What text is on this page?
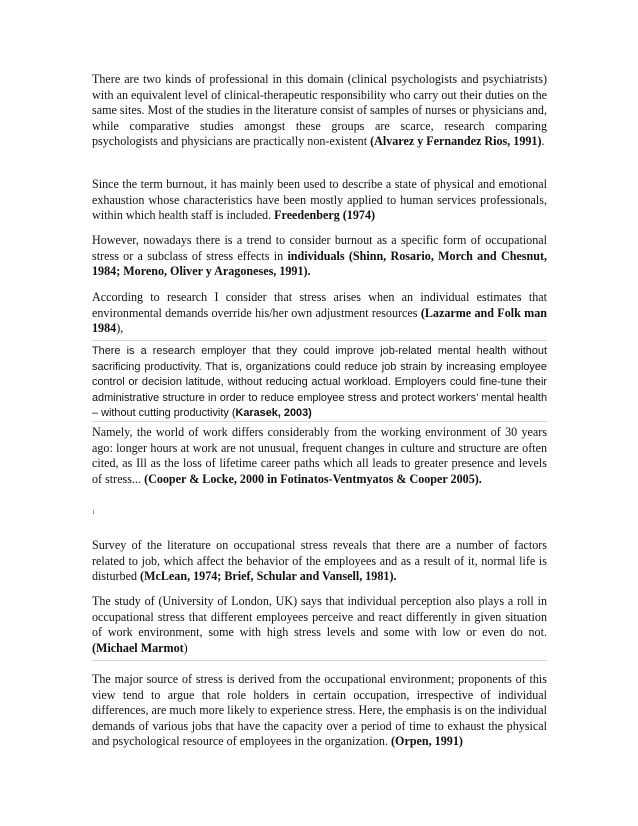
There are two kinds of professional in this domain (clinical psychologists and psychiatrists) with an equivalent level of clinical-therapeutic responsibility who carry out their duties on the same sites. Most of the studies in the literature consist of samples of nurses or physicians and, while comparative studies amongst these groups are scarce, research comparing psychologists and physicians are practically non-existent (Alvarez y Fernandez Rios, 1991).

Since the term burnout, it has mainly been used to describe a state of physical and emotional exhaustion whose characteristics have been mostly applied to human services professionals, within which health staff is included. Freedenberg (1974)

However, nowadays there is a trend to consider burnout as a specific form of occupational stress or a subclass of stress effects in individuals (Shinn, Rosario, Morch and Chesnut, 1984; Moreno, Oliver y Aragoneses, 1991).

According to research I consider that stress arises when an individual estimates that environmental demands override his/her own adjustment resources (Lazarme and Folk man 1984),

There is a research employer that they could improve job-related mental health without sacrificing productivity. That is, organizations could reduce job strain by increasing employee control or decision latitude, without reducing actual workload. Employers could fine-tune their administrative structure in order to reduce employee stress and protect workers’ mental health – without cutting productivity (Karasek, 2003)

Namely, the world of work differs considerably from the working environment of 30 years ago: longer hours at work are not unusual, frequent changes in culture and structure are often cited, as Ill as the loss of lifetime career paths which all leads to greater presence and levels of stress... (Cooper & Locke, 2000 in Fotinatos-Ventmyatos & Cooper 2005).

1

Survey of the literature on occupational stress reveals that there are a number of factors related to job, which affect the behavior of the employees and as a result of it, normal life is disturbed (McLean, 1974; Brief, Schular and Vansell, 1981).

The study of (University of London, UK) says that individual perception also plays a roll in occupational stress that different employees perceive and react differently in given situation of work environment, some with high stress levels and some with low or even do not. (Michael Marmot)

The major source of stress is derived from the occupational environment; proponents of this view tend to argue that role holders in certain occupation, irrespective of individual differences, are much more likely to experience stress. Here, the emphasis is on the individual demands of various jobs that have the capacity over a period of time to exhaust the physical and psychological resource of employees in the organization. (Orpen, 1991)
